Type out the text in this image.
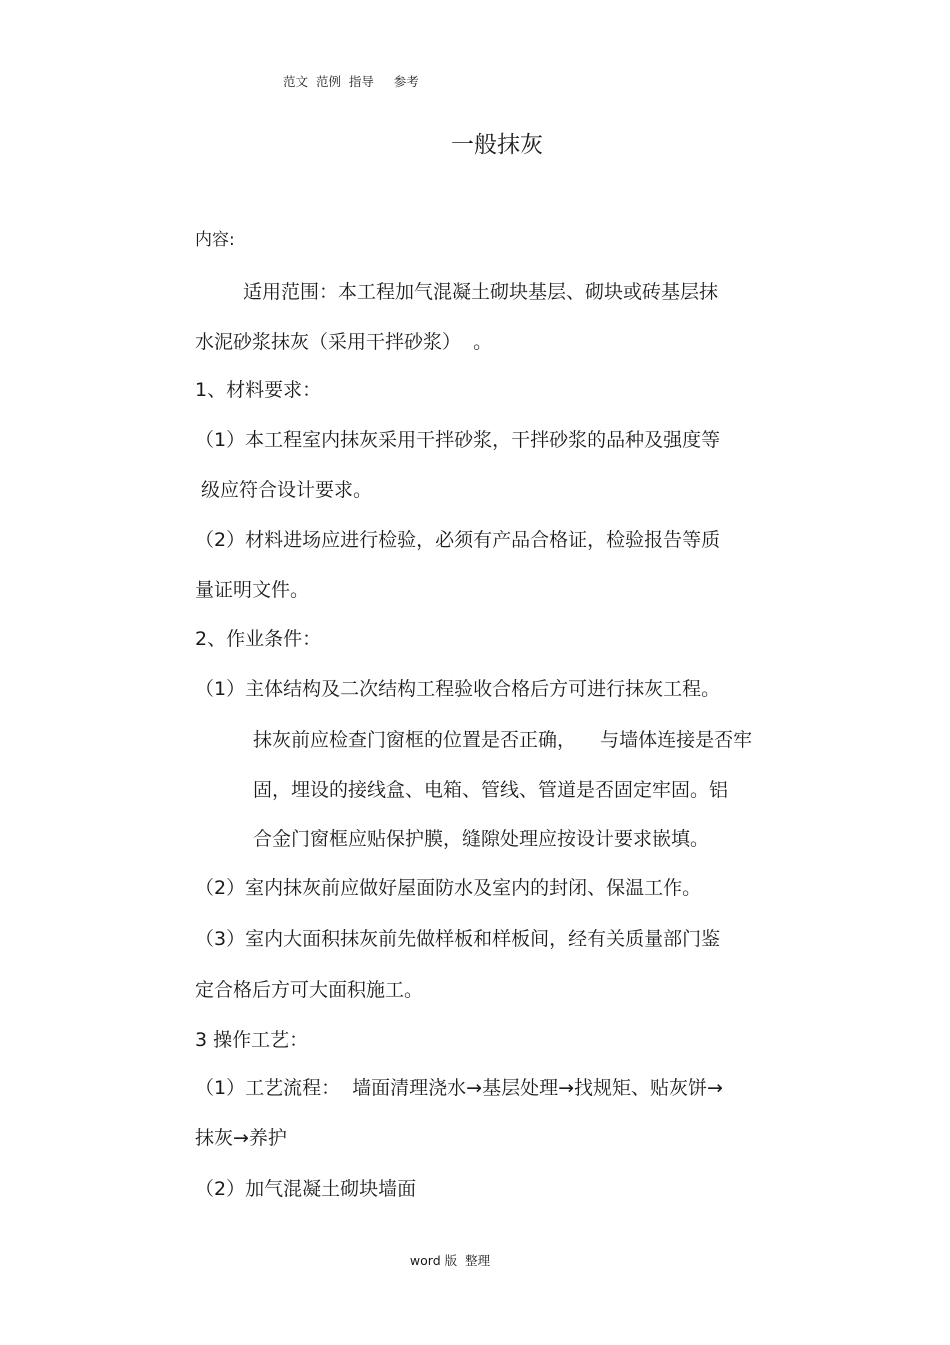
范文  范例  指导     参考
一般抹灰
内容:
适用范围：本工程加气混凝土砌块基层、砌块或砖基层抹
水泥砂浆抹灰（采用干拌砂浆）  。
1、材料要求：
（1）本工程室内抹灰采用干拌砂浆，干拌砂浆的品种及强度等
级应符合设计要求。
（2）材料进场应进行检验，必须有产品合格证，检验报告等质
量证明文件。
2、作业条件：
（1）主体结构及二次结构工程验收合格后方可进行抹灰工程。
抹灰前应检查门窗框的位置是否正确，    与墙体连接是否牢
固，埋设的接线盒、电箱、管线、管道是否固定牢固。铝
合金门窗框应贴保护膜，缝隙处理应按设计要求嵌填。
（2）室内抹灰前应做好屋面防水及室内的封闭、保温工作。
（3）室内大面积抹灰前先做样板和样板间，经有关质量部门鉴
定合格后方可大面积施工。
3 操作工艺：
（1）工艺流程：  墙面清理浇水→基层处理→找规矩、贴灰饼→
抹灰→养护
（2）加气混凝土砌块墙面
word 版  整理
